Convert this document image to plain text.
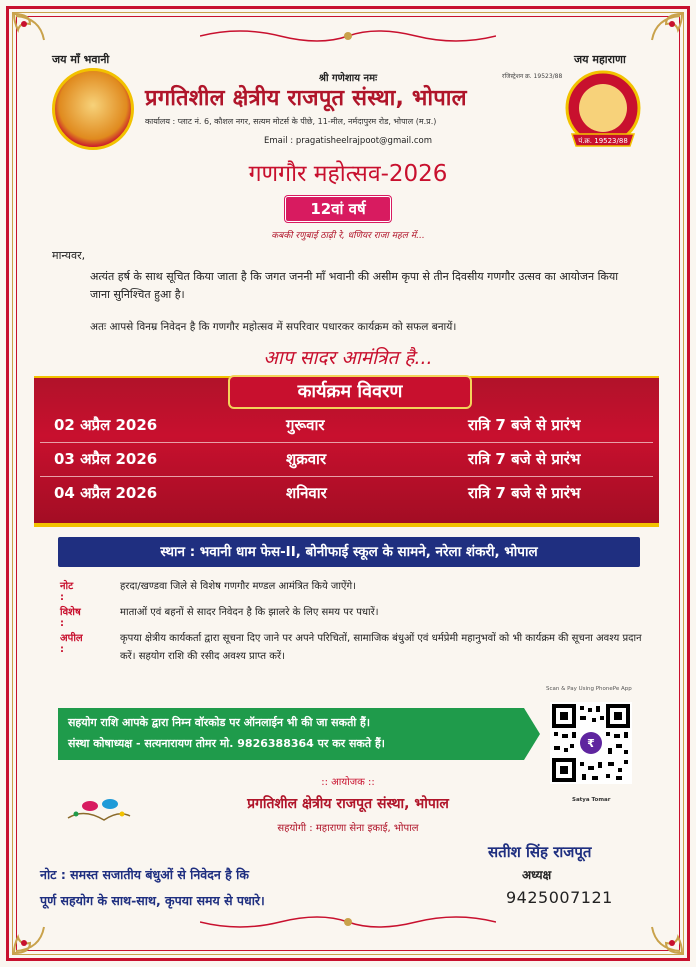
जय माँ भवानी	जय महाराणा
श्री गणेशाय नमः	रजिस्ट्रेशन क्र. 19523/88
पं.क्र. 19523/88
प्रगतिशील क्षेत्रीय राजपूत संस्था, भोपाल
कार्यालय : प्लाट नं. 6, कौशल नगर, सत्यम मोटर्स के पीछे, 11-मील, नर्मदापुरम रोड, भोपाल (म.प्र.)
Email : pragatisheelrajpoot@gmail.com
गणगौर महोत्सव-2026
12वां वर्ष
कबकी रणुबाई ठाढ़ी रे, धणियर राजा महल में...
मान्यवर,
अत्यंत हर्ष के साथ सूचित किया जाता है कि जगत जननी माँ भवानी की असीम कृपा से तीन दिवसीय गणगौर उत्सव का आयोजन किया जाना सुनिश्चित हुआ है।
अतः आपसे विनम्र निवेदन है कि गणगौर महोत्सव में सपरिवार पधारकर कार्यक्रम को सफल बनायें।
आप सादर आमंत्रित है...
कार्यक्रम विवरण
02 अप्रैल 2026	गुरूवार	रात्रि 7 बजे से प्रारंभ
03 अप्रैल 2026	शुक्रवार	रात्रि 7 बजे से प्रारंभ
04 अप्रैल 2026	शनिवार	रात्रि 7 बजे से प्रारंभ
स्थान : भवानी धाम फेस-II, बोनीफाई स्कूल के सामने, नरेला शंकरी, भोपाल
नोट :
हरदा/खण्डवा जिले से विशेष गणगौर मण्डल आमंत्रित किये जाऐंगे।
विशेष :
माताओं एवं बहनों से सादर निवेदन है कि झालरे के लिए समय पर पधारें।
अपील :
कृपया क्षेत्रीय कार्यकर्ता द्वारा सूचना दिए जाने पर अपने परिचितों, सामाजिक बंधुओं एवं धर्मप्रेमी महानुभवों को भी कार्यक्रम की सूचना अवश्य प्रदान करें। सहयोग राशि की रसीद अवश्य प्राप्त करें।
सहयोग राशि आपके द्वारा निम्न वॉरकोड पर ऑनलाईन भी की जा सकती हैं।
संस्था कोषाध्यक्ष - सत्यनारायण तोमर मो. 9826388364 पर कर सकते हैं।
Scan & Pay Using PhonePe App
₹
Satya Tomar
:: आयोजक ::
प्रगतिशील क्षेत्रीय राजपूत संस्था, भोपाल
सहयोगी : महाराणा सेना इकाई, भोपाल
नोट : समस्त सजातीय बंधुओं से निवेदन है कि
पूर्ण सहयोग के साथ-साथ, कृपया समय से पधारे।
सतीश सिंह राजपूत
अध्यक्ष
9425007121
